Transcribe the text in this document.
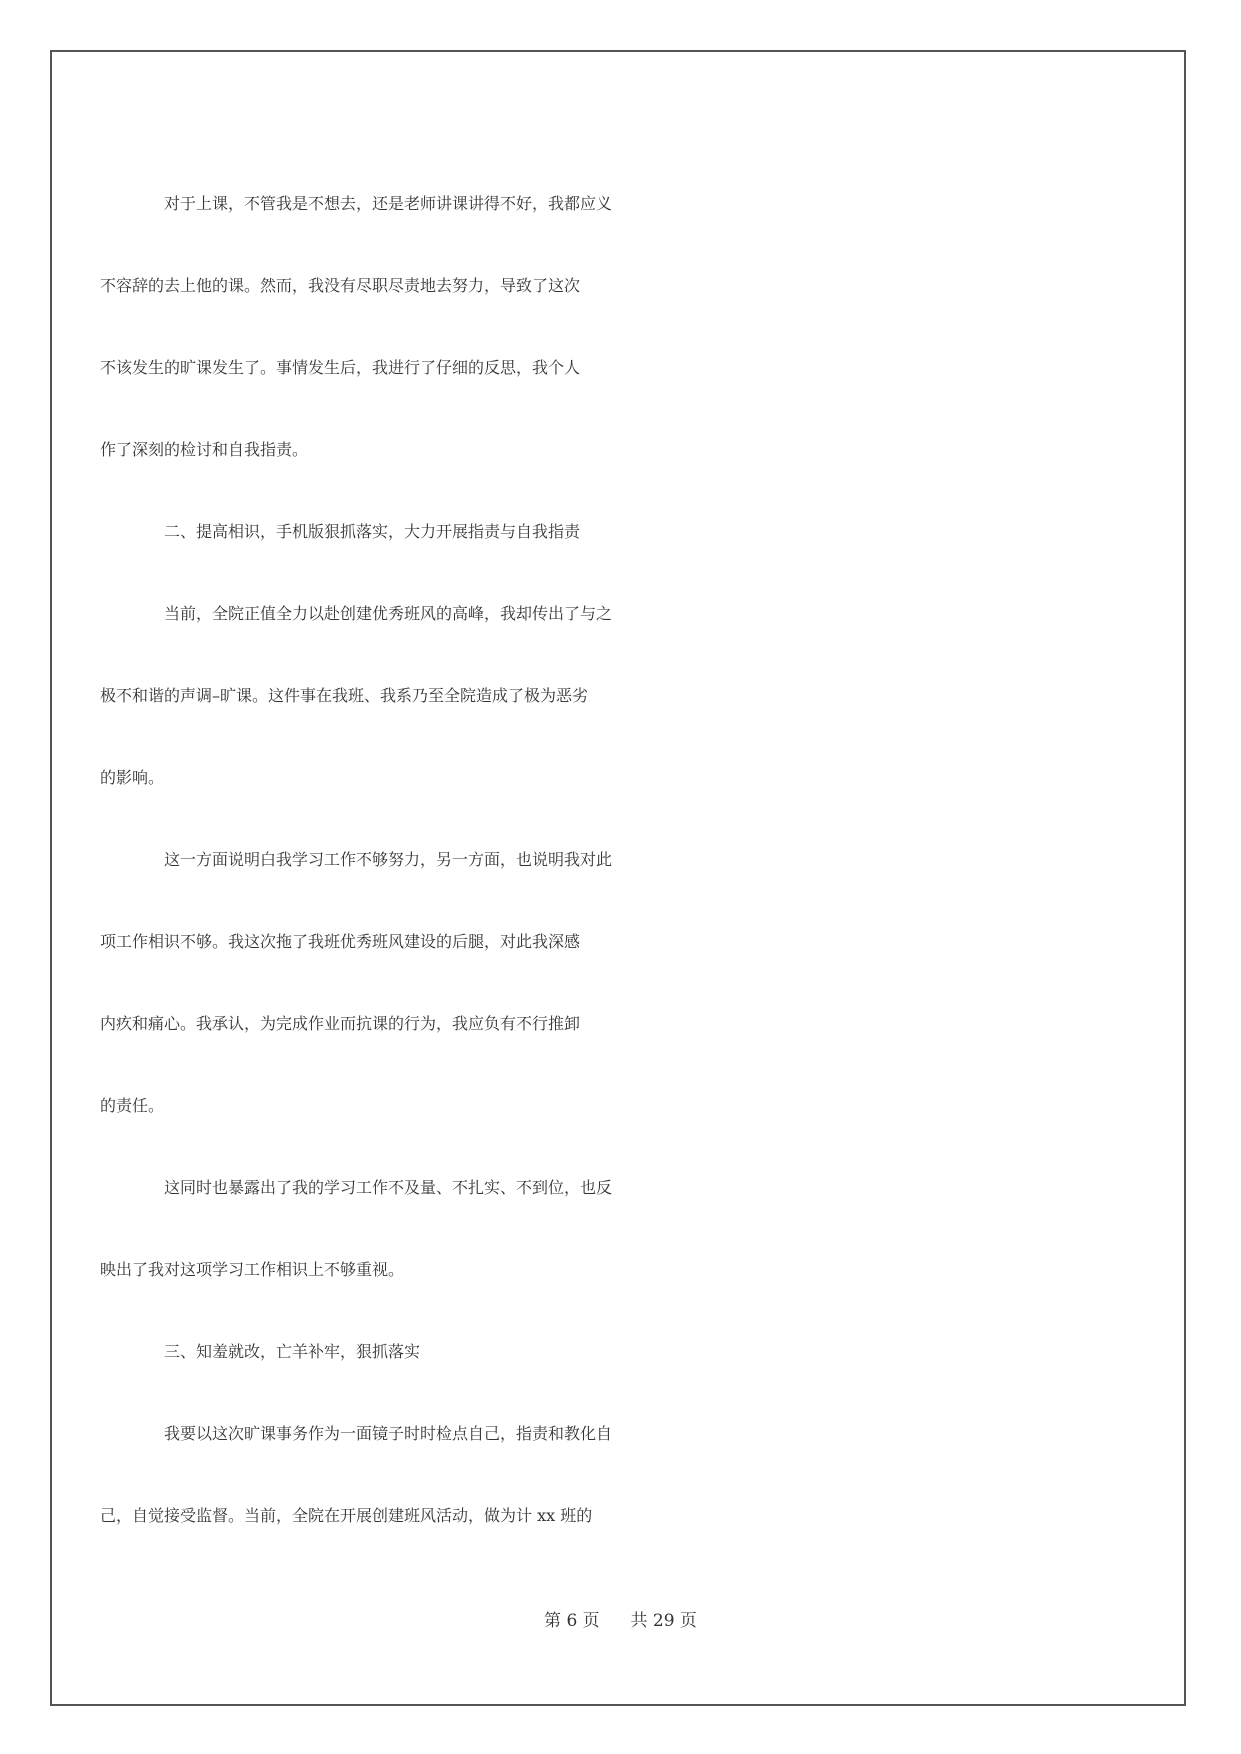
对于上课，不管我是不想去，还是老师讲课讲得不好，我都应义
不容辞的去上他的课。然而，我没有尽职尽责地去努力，导致了这次
不该发生的旷课发生了。事情发生后，我进行了仔细的反思，我个人
作了深刻的检讨和自我指责。
二、提高相识，手机版狠抓落实，大力开展指责与自我指责
当前，全院正值全力以赴创建优秀班风的高峰，我却传出了与之
极不和谐的声调–旷课。这件事在我班、我系乃至全院造成了极为恶劣
的影响。
这一方面说明白我学习工作不够努力，另一方面，也说明我对此
项工作相识不够。我这次拖了我班优秀班风建设的后腿，对此我深感
内疚和痛心。我承认，为完成作业而抗课的行为，我应负有不行推卸
的责任。
这同时也暴露出了我的学习工作不及量、不扎实、不到位，也反
映出了我对这项学习工作相识上不够重视。
三、知羞就改，亡羊补牢，狠抓落实
我要以这次旷课事务作为一面镜子时时检点自己，指责和教化自
己，自觉接受监督。当前，全院在开展创建班风活动，做为计 xx 班的
第 6 页 共 29 页
